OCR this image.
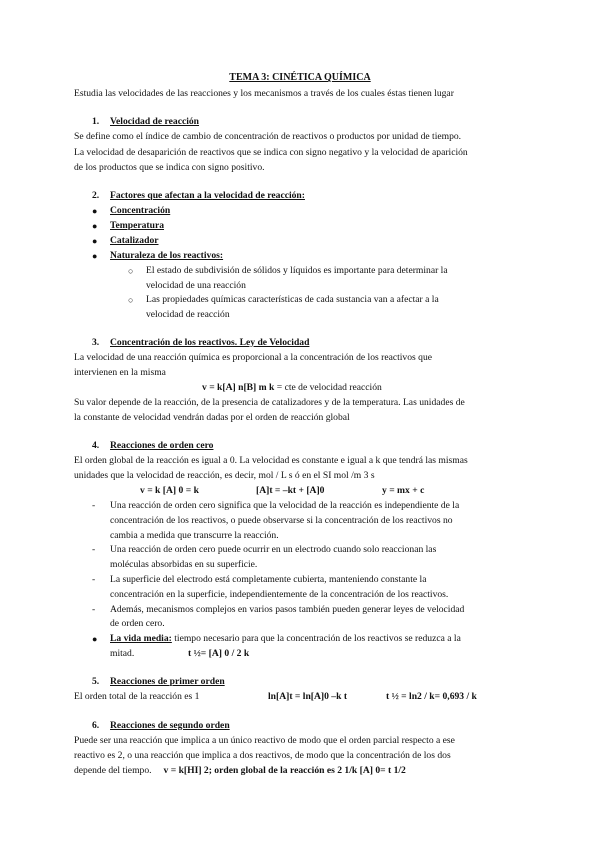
TEMA 3: CINÉTICA QUÍMICA
Estudia las velocidades de las reacciones y los mecanismos a través de los cuales éstas tienen lugar
1. Velocidad de reacción
Se define como el índice de cambio de concentración de reactivos o productos por unidad de tiempo.
La velocidad de desaparición de reactivos que se indica con signo negativo y la velocidad de aparición
de los productos que se indica con signo positivo.
2. Factores que afectan a la velocidad de reacción:
● Concentración
● Temperatura
● Catalizador
● Naturaleza de los reactivos:
○ El estado de subdivisión de sólidos y líquidos es importante para determinar la
velocidad de una reacción
○ Las propiedades químicas características de cada sustancia van a afectar a la
velocidad de reacción
3. Concentración de los reactivos. Ley de Velocidad
La velocidad de una reacción química es proporcional a la concentración de los reactivos que
intervienen en la misma
v = k[A] n[B] m k = cte de velocidad reacción
Su valor depende de la reacción, de la presencia de catalizadores y de la temperatura. Las unidades de
la constante de velocidad vendrán dadas por el orden de reacción global
4. Reacciones de orden cero
El orden global de la reacción es igual a 0. La velocidad es constante e igual a k que tendrá las mismas
unidades que la velocidad de reacción, es decir, mol / L s ó en el SI mol /m 3 s
v = k [A] 0 = k	[A]t = –kt + [A]0	y = mx + c
- Una reacción de orden cero significa que la velocidad de la reacción es independiente de la
concentración de los reactivos, o puede observarse si la concentración de los reactivos no
cambia a medida que transcurre la reacción.
- Una reacción de orden cero puede ocurrir en un electrodo cuando solo reaccionan las
moléculas absorbidas en su superficie.
- La superficie del electrodo está completamente cubierta, manteniendo constante la
concentración en la superficie, independientemente de la concentración de los reactivos.
- Además, mecanismos complejos en varios pasos también pueden generar leyes de velocidad
de orden cero.
● La vida media: tiempo necesario para que la concentración de los reactivos se reduzca a la
mitad.	t ½= [A] 0 / 2 k
5. Reacciones de primer orden
El orden total de la reacción es 1	ln[A]t = ln[A]0 –k t	t ½ = ln2 / k= 0,693 / k
6. Reacciones de segundo orden
Puede ser una reacción que implica a un único reactivo de modo que el orden parcial respecto a ese
reactivo es 2, o una reacción que implica a dos reactivos, de modo que la concentración de los dos
depende del tiempo. v = k[HI] 2; orden global de la reacción es 2 1/k [A] 0= t 1/2
